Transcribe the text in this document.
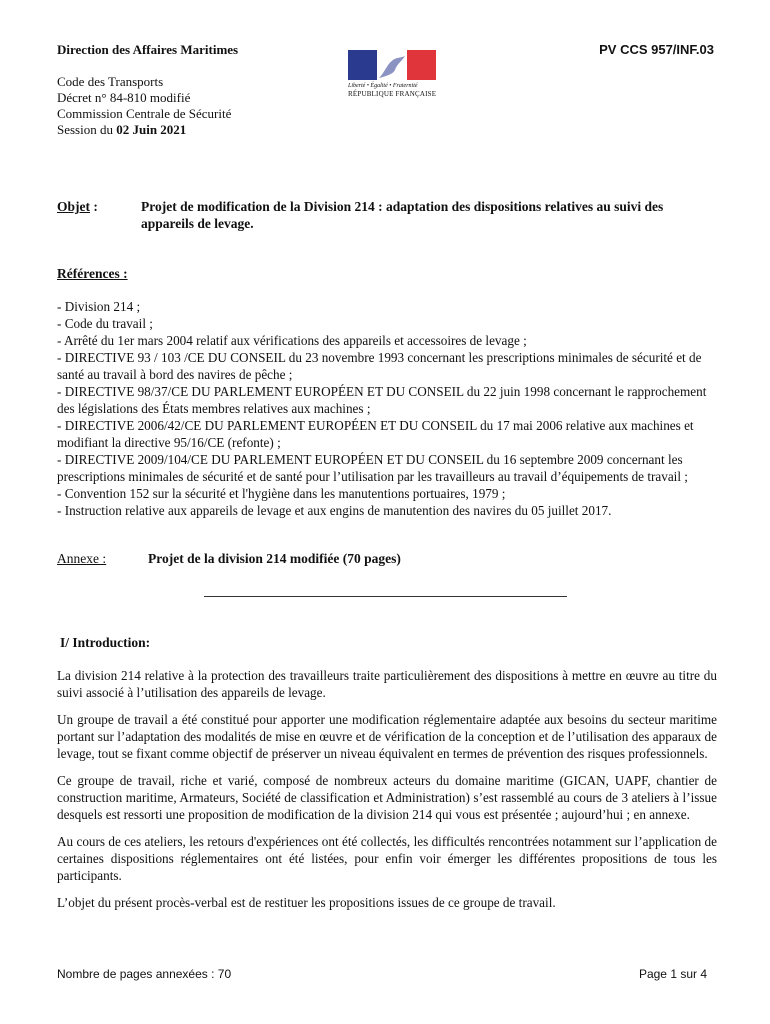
Direction des Affaires Maritimes
Code des Transports
Décret n° 84-810 modifié
Commission Centrale de Sécurité
Session du 02 Juin 2021
PV CCS 957/INF.03
Liberté • Égalité • Fraternité
RÉPUBLIQUE FRANÇAISE
Objet :	Projet de modification de la Division 214 : adaptation des dispositions relatives au suivi des appareils de levage.
Références :
- Division 214 ;
- Code du travail ;
- Arrêté du 1er mars 2004 relatif aux vérifications des appareils et accessoires de levage ;
- DIRECTIVE 93 / 103 /CE DU CONSEIL du 23 novembre 1993 concernant les prescriptions minimales de sécurité et de santé au travail à bord des navires de pêche ;
- DIRECTIVE 98/37/CE DU PARLEMENT EUROPÉEN ET DU CONSEIL du 22 juin 1998 concernant le rapprochement des législations des États membres relatives aux machines ;
- DIRECTIVE 2006/42/CE DU PARLEMENT EUROPÉEN ET DU CONSEIL du 17 mai 2006 relative aux machines et modifiant la directive 95/16/CE (refonte) ;
- DIRECTIVE 2009/104/CE DU PARLEMENT EUROPÉEN ET DU CONSEIL du 16 septembre 2009 concernant les prescriptions minimales de sécurité et de santé pour l’utilisation par les travailleurs au travail d’équipements de travail ;
- Convention 152 sur la sécurité et l'hygiène dans les manutentions portuaires, 1979 ;
- Instruction relative aux appareils de levage et aux engins de manutention des navires du 05 juillet 2017.
Annexe :	Projet de la division 214 modifiée (70 pages)
I/ Introduction:

La division 214 relative à la protection des travailleurs traite particulièrement des dispositions à mettre en œuvre au titre du suivi associé à l’utilisation des appareils de levage.

Un groupe de travail a été constitué pour apporter une modification réglementaire adaptée aux besoins du secteur maritime portant sur l’adaptation des modalités de mise en œuvre et de vérification de la conception et de l’utilisation des apparaux de levage, tout se fixant comme objectif de préserver un niveau équivalent en termes de prévention des risques professionnels.

Ce groupe de travail, riche et varié, composé de nombreux acteurs du domaine maritime (GICAN, UAPF, chantier de construction maritime, Armateurs, Société de classification et Administration) s’est rassemblé au cours de 3 ateliers à l’issue desquels est ressorti une proposition de modification de la division 214 qui vous est présentée ; aujourd’hui ; en annexe.

Au cours de ces ateliers, les retours d'expériences ont été collectés, les difficultés rencontrées notamment sur l’application de certaines dispositions réglementaires ont été listées, pour enfin voir émerger les différentes propositions de tous les participants.

L’objet du présent procès-verbal est de restituer les propositions issues de ce groupe de travail.

Nombre de pages annexées : 70	Page 1 sur 4
